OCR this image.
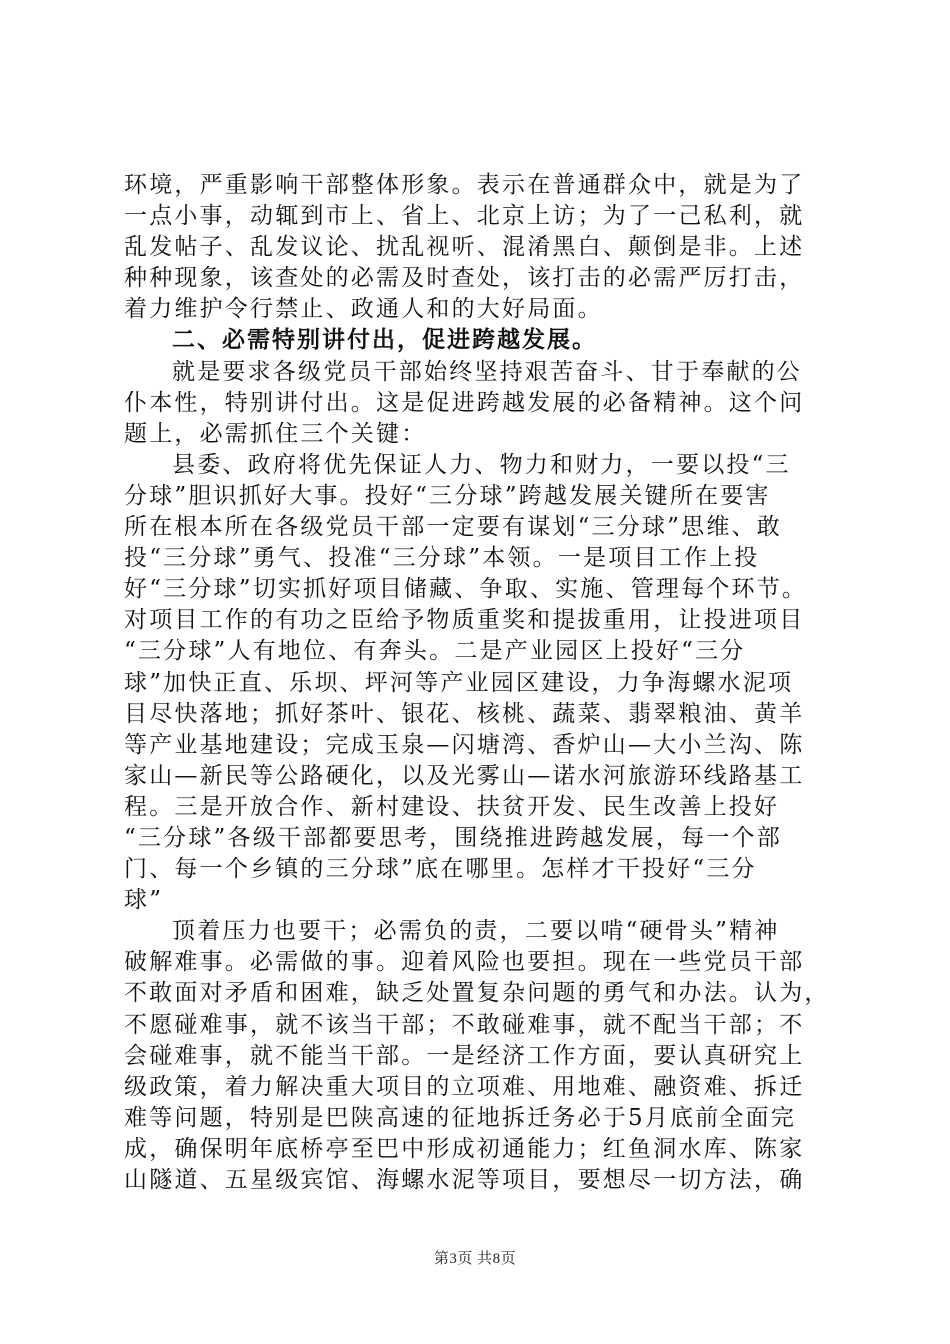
环境，严重影响干部整体形象。表示在普通群众中，就是为了
一点小事，动辄到市上、省上、北京上访；为了一己私利，就
乱发帖子、乱发议论、扰乱视听、混淆黑白、颠倒是非。上述
种种现象，该查处的必需及时查处，该打击的必需严厉打击，
着力维护令行禁止、政通人和的大好局面。
二、必需特别讲付出，促进跨越发展。
就是要求各级党员干部始终坚持艰苦奋斗、甘于奉献的公
仆本性，特别讲付出。这是促进跨越发展的必备精神。这个问
题上，必需抓住三个关键：
县委、政府将优先保证人力、物力和财力，一要以投“三
分球”胆识抓好大事。投好“三分球”跨越发展关键所在要害
所在根本所在各级党员干部一定要有谋划“三分球”思维、敢
投“三分球”勇气、投准“三分球”本领。一是项目工作上投
好“三分球”切实抓好项目储藏、争取、实施、管理每个环节。
对项目工作的有功之臣给予物质重奖和提拔重用，让投进项目
“三分球”人有地位、有奔头。二是产业园区上投好“三分
球”加快正直、乐坝、坪河等产业园区建设，力争海螺水泥项
目尽快落地；抓好茶叶、银花、核桃、蔬菜、翡翠粮油、黄羊
等产业基地建设；完成玉泉—闪塘湾、香炉山—大小兰沟、陈
家山—新民等公路硬化，以及光雾山—诺水河旅游环线路基工
程。三是开放合作、新村建设、扶贫开发、民生改善上投好
“三分球”各级干部都要思考，围绕推进跨越发展，每一个部
门、每一个乡镇的三分球”底在哪里。怎样才干投好“三分
球”
顶着压力也要干；必需负的责，二要以啃“硬骨头”精神
破解难事。必需做的事。迎着风险也要担。现在一些党员干部
不敢面对矛盾和困难，缺乏处置复杂问题的勇气和办法。认为，
不愿碰难事，就不该当干部；不敢碰难事，就不配当干部；不
会碰难事，就不能当干部。一是经济工作方面，要认真研究上
级政策，着力解决重大项目的立项难、用地难、融资难、拆迁
难等问题，特别是巴陕高速的征地拆迁务必于5月底前全面完
成，确保明年底桥亭至巴中形成初通能力；红鱼洞水库、陈家
山隧道、五星级宾馆、海螺水泥等项目，要想尽一切方法，确
第3页 共8页
